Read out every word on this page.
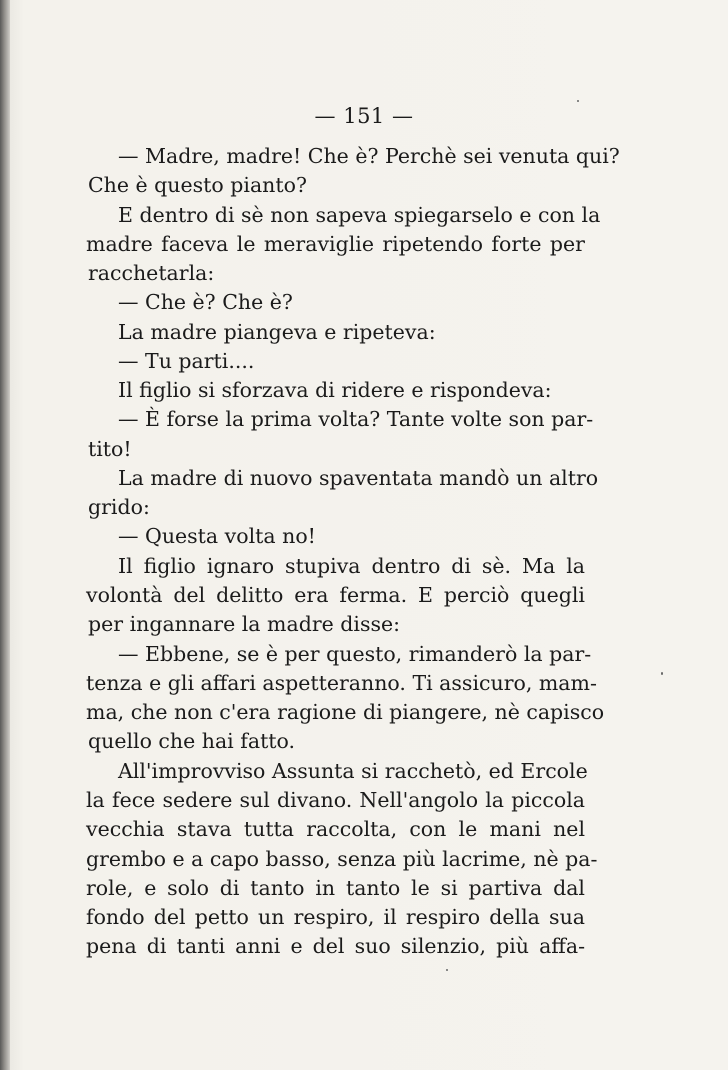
— 151 —
— Madre, madre! Che è? Perchè sei venuta qui?
Che è questo pianto?
E dentro di sè non sapeva spiegarselo e con la
madre faceva le meraviglie ripetendo forte per
racchetarla:
— Che è? Che è?
La madre piangeva e ripeteva:
— Tu parti....
Il figlio si sforzava di ridere e rispondeva:
— È forse la prima volta? Tante volte son par-
tito!
La madre di nuovo spaventata mandò un altro
grido:
— Questa volta no!
Il figlio ignaro stupiva dentro di sè. Ma la
volontà del delitto era ferma. E perciò quegli
per ingannare la madre disse:
— Ebbene, se è per questo, rimanderò la par-
tenza e gli affari aspetteranno. Ti assicuro, mam-
ma, che non c'era ragione di piangere, nè capisco
quello che hai fatto.
All'improvviso Assunta si racchetò, ed Ercole
la fece sedere sul divano. Nell'angolo la piccola
vecchia stava tutta raccolta, con le mani nel
grembo e a capo basso, senza più lacrime, nè pa-
role, e solo di tanto in tanto le si partiva dal
fondo del petto un respiro, il respiro della sua
pena di tanti anni e del suo silenzio, più affa-
